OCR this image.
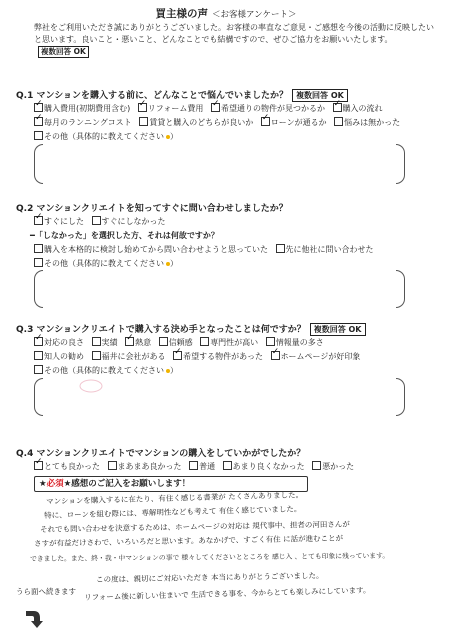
買主様の声 ＜お客様アンケート＞
弊社をご利用いただき誠にありがとうございました。お客様の率直なご意見・ご感想を今後の活動に反映したい
と思います。良いこと・悪いこと、どんなことでも結構ですので、ぜひご協力をお願いいたします。複数回答 OK
Q.1 マンションを購入する前に、どんなことで悩んでいましたか？ 複数回答 OK
✓購入費用(初期費用含む) ✓ リフォーム費用 ✓ 希望通りの物件が見つかるか ✓ 購入の流れ
✓毎月のランニングコスト 賃貸と購入のどちらが良いか ✓ ローンが通るか 悩みは無かった
その他（具体的に教えてください ）
Q.2 マンションクリエイトを知ってすぐに問い合わせしましたか？
✓すぐにした すぐにしなかった
━「しなかった」を選択した方、それは何故ですか？
購入を本格的に検討し始めてから問い合わせようと思っていた 先に他社に問い合わせた
その他（具体的に教えてください ）
Q.3 マンションクリエイトで購入する決め手となったことは何ですか？ 複数回答 OK
✓対応の良さ 実績 ✓ 熱意 信頼感 専門性が高い 情報量の多さ
知人の勧め 福井に会社がある ✓ 希望する物件があった ✓ ホームページが好印象
その他（具体的に教えてください ）
Q.4 マンションクリエイトでマンションの購入をしていかがでしたか？
✓とても良かった まあまあ良かった 普通 あまり良くなかった 悪かった
★必須★感想のご記入をお願いします！
マンションを購入するに在たり、有住く感じる書業が たくさんありました。
特に、ローンを組む際には、専解明性なども考えて 有住く感じていました。
それでも問い合わせを決意するためは、ホームページの対応は 規代事中、担者の河田さんが
さすが有益だけさわで、いろいろだと思います。あなかげで、すごく有住 に話が進むことが
できました。また、終・我・中マンションの事で 様々してくださいとところを 感じ入 、とても印象に残っています。
この度は、親切にご対応いただき 本当にありがとうございました。
リフォーム後に新しい住まいで 生活できる事を、今からとても楽しみにしています。
うら面へ続きます
